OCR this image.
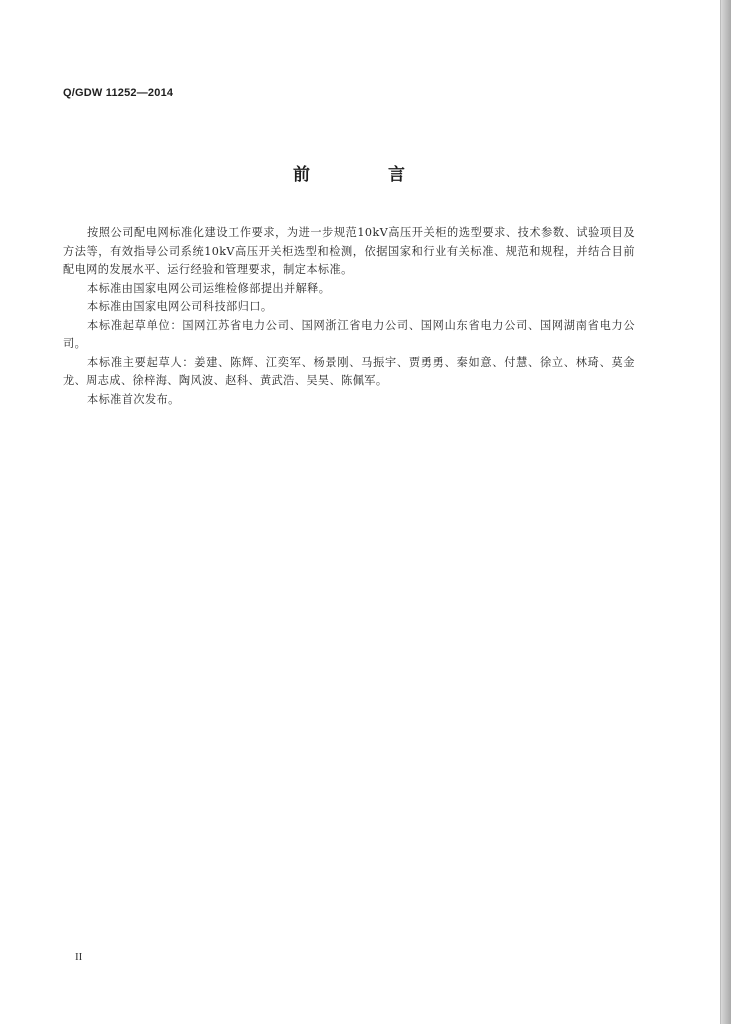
Q/GDW 11252—2014
前	言

按照公司配电网标准化建设工作要求，为进一步规范10kV高压开关柜的选型要求、技术参数、试验项目及方法等，有效指导公司系统10kV高压开关柜选型和检测，依据国家和行业有关标准、规范和规程，并结合目前配电网的发展水平、运行经验和管理要求，制定本标准。

本标准由国家电网公司运维检修部提出并解释。

本标准由国家电网公司科技部归口。

本标准起草单位：国网江苏省电力公司、国网浙江省电力公司、国网山东省电力公司、国网湖南省电力公司。

本标准主要起草人：姜建、陈辉、江奕军、杨景刚、马振宇、贾勇勇、秦如意、付慧、徐立、林琦、莫金龙、周志成、徐梓海、陶风波、赵科、黄武浩、吴昊、陈佩军。

本标准首次发布。

II
